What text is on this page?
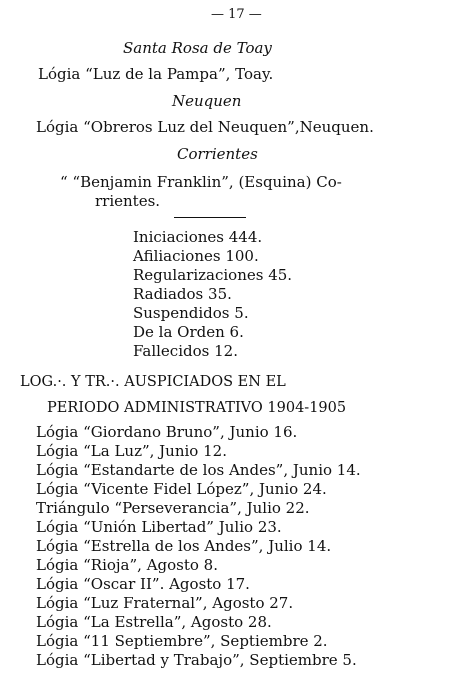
— 17 —
Santa Rosa de Toay
Lógia “Luz de la Pampa”, Toay.
Neuquen
Lógia “Obreros Luz del Neuquen”,Neuquen.
Corrientes
“ “Benjamin Franklin”, (Esquina) Co-
rrientes.
Iniciaciones 444.
Afiliaciones 100.
Regularizaciones 45.
Radiados 35.
Suspendidos 5.
De la Orden 6.
Fallecidos 12.
LOG.·. Y TR.·. AUSPICIADOS EN EL
PERIODO ADMINISTRATIVO 1904-1905
Lógia “Giordano Bruno”, Junio 16.
Lógia “La Luz”, Junio 12.
Lógia “Estandarte de los Andes”, Junio 14.
Lógia “Vicente Fidel López”, Junio 24.
Triángulo “Perseverancia”, Julio 22.
Lógia “Unión Libertad” Julio 23.
Lógia “Estrella de los Andes”, Julio 14.
Lógia “Rioja”, Agosto 8.
Lógia “Oscar II”. Agosto 17.
Lógia “Luz Fraternal”, Agosto 27.
Lógia “La Estrella”, Agosto 28.
Lógia “11 Septiembre”, Septiembre 2.
Lógia “Libertad y Trabajo”, Septiembre 5.
